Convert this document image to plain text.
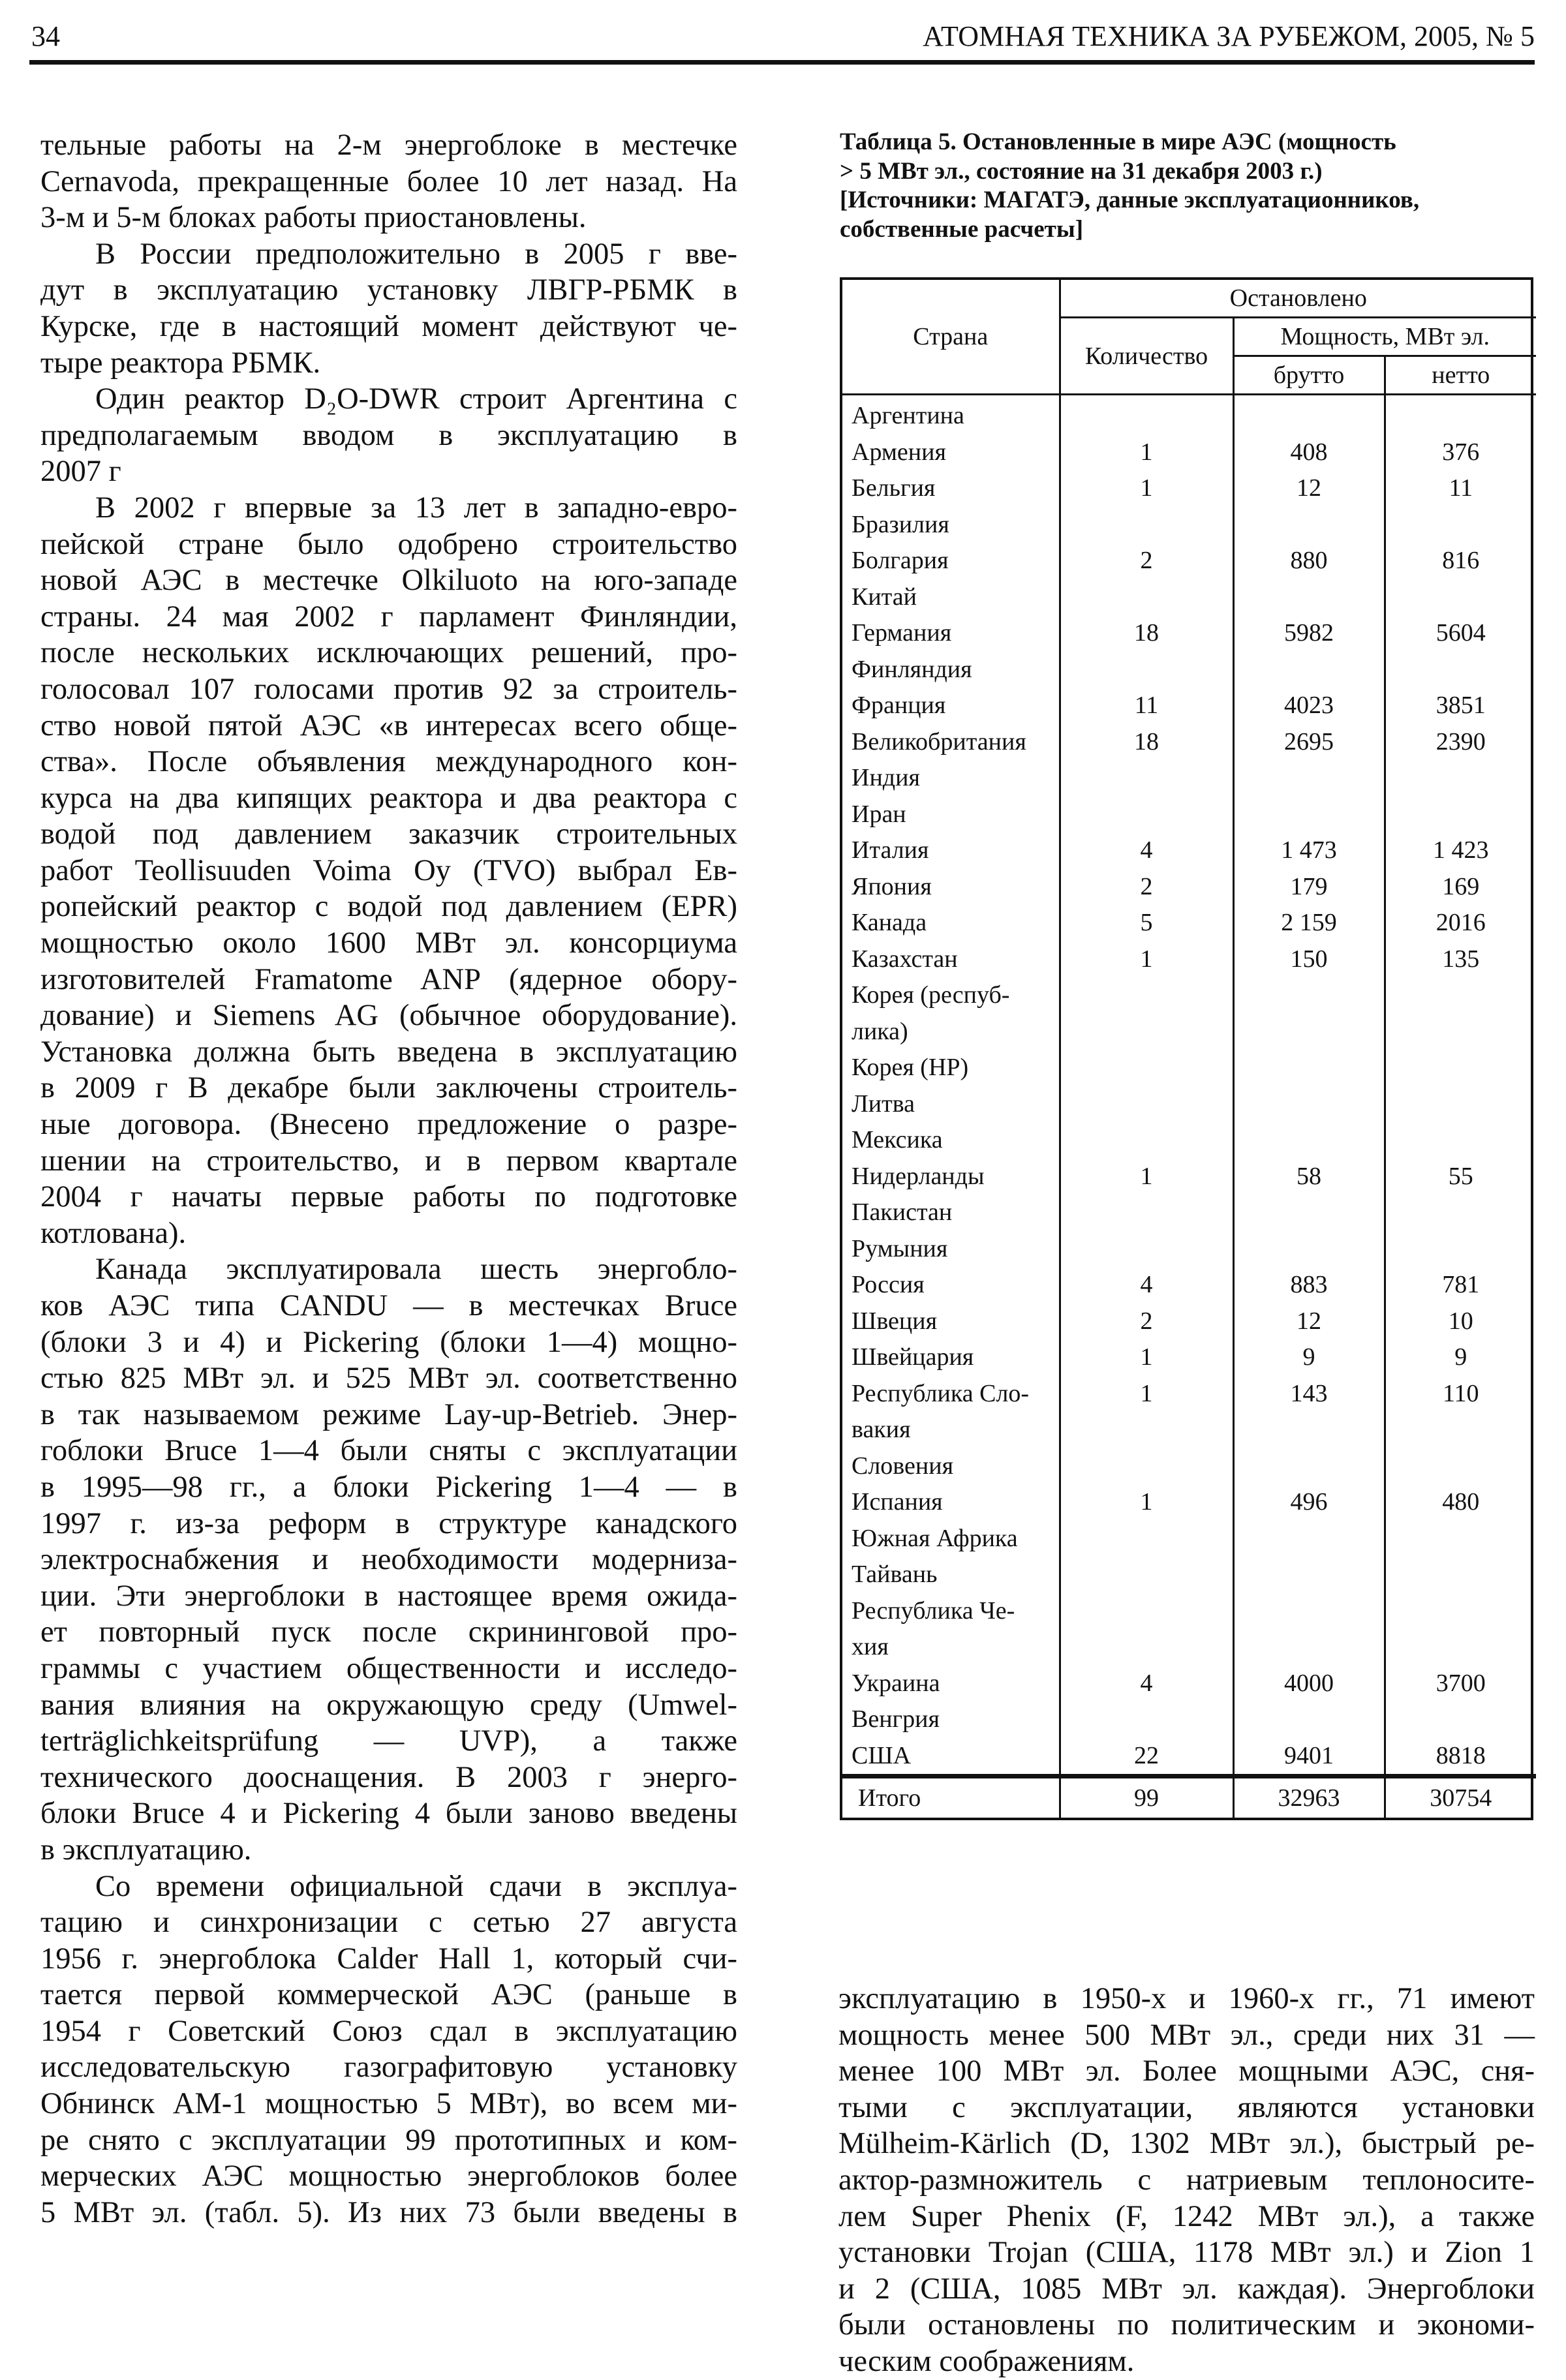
34	АТОМНАЯ ТЕХНИКА ЗА РУБЕЖОМ, 2005, № 5
тельные работы на 2-м энергоблоке в местечке
Cernavoda, прекращенные более 10 лет назад. На
3-м и 5-м блоках работы приостановлены.
В России предположительно в 2005 г вве-
дут в эксплуатацию установку ЛВГР-РБМК в
Курске, где в настоящий момент действуют че-
тыре реактора РБМК.
Один реактор D₂O-DWR строит Аргентина с
предполагаемым вводом в эксплуатацию в
2007 г
В 2002 г впервые за 13 лет в западно-евро-
пейской стране было одобрено строительство
новой АЭС в местечке Olkiluoto на юго-западе
страны. 24 мая 2002 г парламент Финляндии,
после нескольких исключающих решений, про-
голосовал 107 голосами против 92 за строитель-
ство новой пятой АЭС «в интересах всего обще-
ства». После объявления международного кон-
курса на два кипящих реактора и два реактора с
водой под давлением заказчик строительных
работ Teollisuuden Voima Oy (TVO) выбрал Ев-
ропейский реактор с водой под давлением (EPR)
мощностью около 1600 МВт эл. консорциума
изготовителей Framatome ANP (ядерное обору-
дование) и Siemens AG (обычное оборудование).
Установка должна быть введена в эксплуатацию
в 2009 г В декабре были заключены строитель-
ные договора. (Внесено предложение о разре-
шении на строительство, и в первом квартале
2004 г начаты первые работы по подготовке
котлована).
Канада эксплуатировала шесть энергобло-
ков АЭС типа CANDU — в местечках Bruce
(блоки 3 и 4) и Pickering (блоки 1—4) мощно-
стью 825 МВт эл. и 525 МВт эл. соответственно
в так называемом режиме Lay-up-Betrieb. Энер-
гоблоки Bruce 1—4 были сняты с эксплуатации
в 1995—98 гг., а блоки Pickering 1—4 — в
1997 г. из-за реформ в структуре канадского
электроснабжения и необходимости модерниза-
ции. Эти энергоблоки в настоящее время ожида-
ет повторный пуск после скрининговой про-
граммы с участием общественности и исследо-
вания влияния на окружающую среду (Umwel-
terträglichkeitsprüfung — UVP), а также
технического дооснащения. В 2003 г энерго-
блоки Bruce 4 и Pickering 4 были заново введены
в эксплуатацию.
Со времени официальной сдачи в эксплуа-
тацию и синхронизации с сетью 27 августа
1956 г. энергоблока Calder Hall 1, который счи-
тается первой коммерческой АЭС (раньше в
1954 г Советский Союз сдал в эксплуатацию
исследовательскую газографитовую установку
Обнинск АМ-1 мощностью 5 МВт), во всем ми-
ре снято с эксплуатации 99 прототипных и ком-
мерческих АЭС мощностью энергоблоков более
5 МВт эл. (табл. 5). Из них 73 были введены в
Таблица 5. Остановленные в мире АЭС (мощность
> 5 МВт эл., состояние на 31 декабря 2003 г.)
[Источники: МАГАТЭ, данные эксплуатационников,
собственные расчеты]
Страна	Остановлено		
	Количество	Мощность, МВт эл.	
		брутто	нетто
Аргентина			
Армения	1	408	376
Бельгия	1	12	11
Бразилия			
Болгария	2	880	816
Китай			
Германия	18	5982	5604
Финляндия			
Франция	11	4023	3851
Великобритания	18	2695	2390
Индия			
Иран			
Италия	4	1 473	1 423
Япония	2	179	169
Канада	5	2 159	2016
Казахстан	1	150	135

Корея (респуб-
лика)			

Корея (НР)			
Литва			
Мексика			
Нидерланды	1	58	55
Пакистан			
Румыния			
Россия	4	883	781
Швеция	2	12	10
Швейцария	1	9	9

Республика Сло-
вакия	1	143	110
Словения			
Испания	1	496	480
Южная Африка			
Тайвань			

Республика Че-
хия			

Украина	4	4000	3700
Венгрия			
США	22	9401	8818
Итого	99	32963	30754
эксплуатацию в 1950-х и 1960-х гг., 71 имеют
мощность менее 500 МВт эл., среди них 31 —
менее 100 МВт эл. Более мощными АЭС, сня-
тыми с эксплуатации, являются установки
Mülheim-Kärlich (D, 1302 МВт эл.), быстрый ре-
актор-размножитель с натриевым теплоносите-
лем Super Phenix (F, 1242 МВт эл.), а также
установки Trojan (США, 1178 МВт эл.) и Zion 1
и 2 (США, 1085 МВт эл. каждая). Энергоблоки
были остановлены по политическим и экономи-
ческим соображениям.
